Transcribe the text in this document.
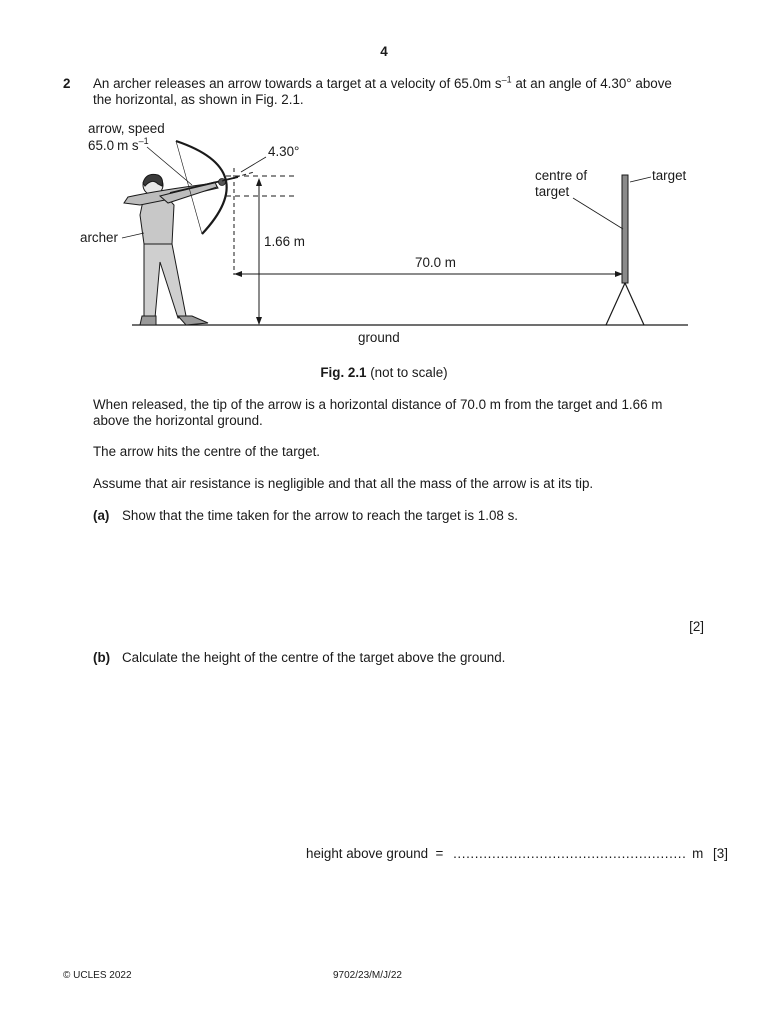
4
2 An archer releases an arrow towards a target at a velocity of 65.0m $s^{-1}$ at an angle of 4.30° above
the horizontal, as shown in Fig. 2.1.
arrow, speed
65.0 m $s^{-1}$
4.30°
archer	1.66 m
70.0 m
centre of
target
target
ground
Fig. 2.1 (not to scale)
When released, the tip of the arrow is a horizontal distance of 70.0 m from the target and 1.66 m
above the horizontal ground.
The arrow hits the centre of the target.
Assume that air resistance is negligible and that all the mass of the arrow is at its tip.
(a) Show that the time taken for the arrow to reach the target is 1.08 s.
[2]
(b) Calculate the height of the centre of the target above the ground.
height above ground  = ...................................................... m [3]
© UCLES 2022	9702/23/M/J/22
